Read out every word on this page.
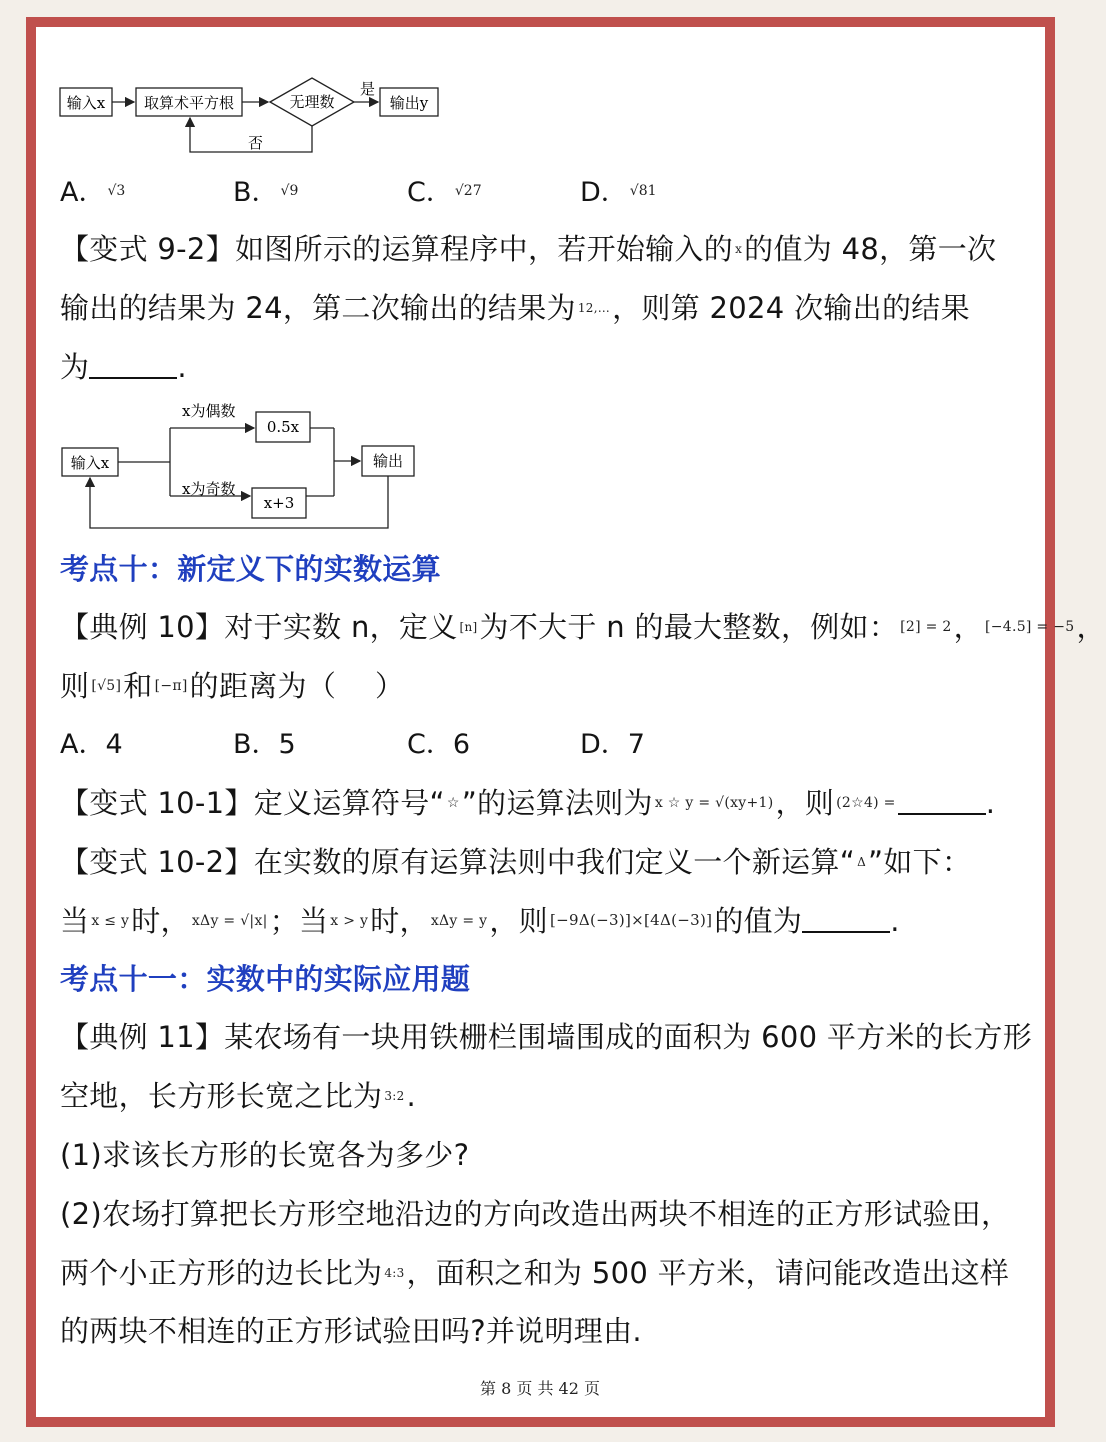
输入x	取算术平方根	无理数
是
输出y
否
A． $^{√3}$	B． $^{√9}$	C． $^{√27}$	D． $^{√81}$
【变式 9-2】如图所示的运算程序中，若开始输入的 $^x$的值为 48，第一次
输出的结果为 24，第二次输出的结果为 $^{12,\dots}$，则第 2024 次输出的结果
为	.
输入x
x为偶数
x为奇数
0.5x
x+3
输出
考点十：新定义下的实数运算
【典例 10】对于实数 n，定义 [n]为不大于 n 的最大整数，例如： $^{[2] = 2}$， $^{[-4.5] = -5}$，
则 [√5]和 [−π]的距离为（　 ）
A．4	B．5	C．6	D．7
【变式 10-1】定义运算符号“ ☆”的运算法则为 $^{x ☆ y = √(xy+1)}$，则 $^{(2☆4) =}$	.
【变式 10-2】在实数的原有运算法则中我们定义一个新运算“ $^\Delta$”如下：
当 $^{x \le y}$时， $^{x\Delta y = √|x|}$；当 $^{x > y}$时， $^{x\Delta y = y}$，则 [−9Δ(−3)]×[4Δ(−3)]的值为	.
考点十一：实数中的实际应用题
【典例 11】某农场有一块用铁栅栏围墙围成的面积为 600 平方米的长方形
空地，长方形长宽之比为 $^{3:2}$.
(1)求该长方形的长宽各为多少?
(2)农场打算把长方形空地沿边的方向改造出两块不相连的正方形试验田，
两个小正方形的边长比为 $^{4:3}$，面积之和为 500 平方米，请问能改造出这样
的两块不相连的正方形试验田吗?并说明理由.
第 8 页 共 42 页
